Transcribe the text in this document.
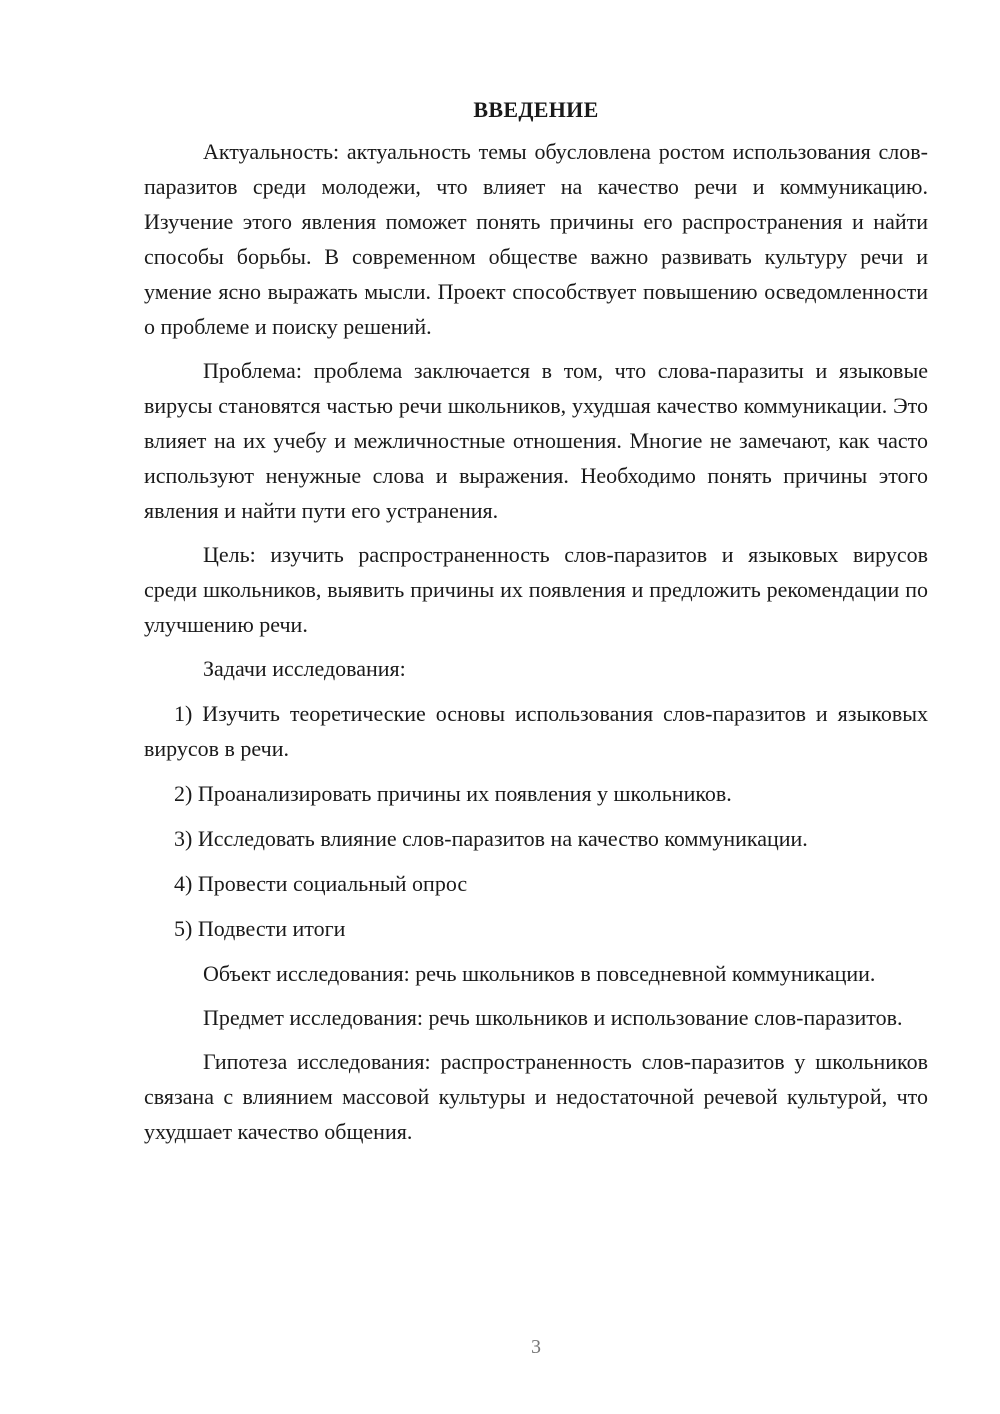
ВВЕДЕНИЕ

Актуальность: актуальность темы обусловлена ростом использования слов-паразитов среди молодежи, что влияет на качество речи и коммуникацию. Изучение этого явления поможет понять причины его распространения и найти способы борьбы. В современном обществе важно развивать культуру речи и умение ясно выражать мысли. Проект способствует повышению осведомленности о проблеме и поиску решений.

Проблема: проблема заключается в том, что слова-паразиты и языковые вирусы становятся частью речи школьников, ухудшая качество коммуникации. Это влияет на их учебу и межличностные отношения. Многие не замечают, как часто используют ненужные слова и выражения. Необходимо понять причины этого явления и найти пути его устранения.

Цель: изучить распространенность слов-паразитов и языковых вирусов среди школьников, выявить причины их появления и предложить рекомендации по улучшению речи.

Задачи исследования:

1) Изучить теоретические основы использования слов-паразитов и языковых вирусов в речи.

2) Проанализировать причины их появления у школьников.

3) Исследовать влияние слов-паразитов на качество коммуникации.

4) Провести социальный опрос

5) Подвести итоги

Объект исследования: речь школьников в повседневной коммуникации.

Предмет исследования: речь школьников и использование слов-паразитов.

Гипотеза исследования: распространенность слов-паразитов у школьников связана с влиянием массовой культуры и недостаточной речевой культурой, что ухудшает качество общения.

3
